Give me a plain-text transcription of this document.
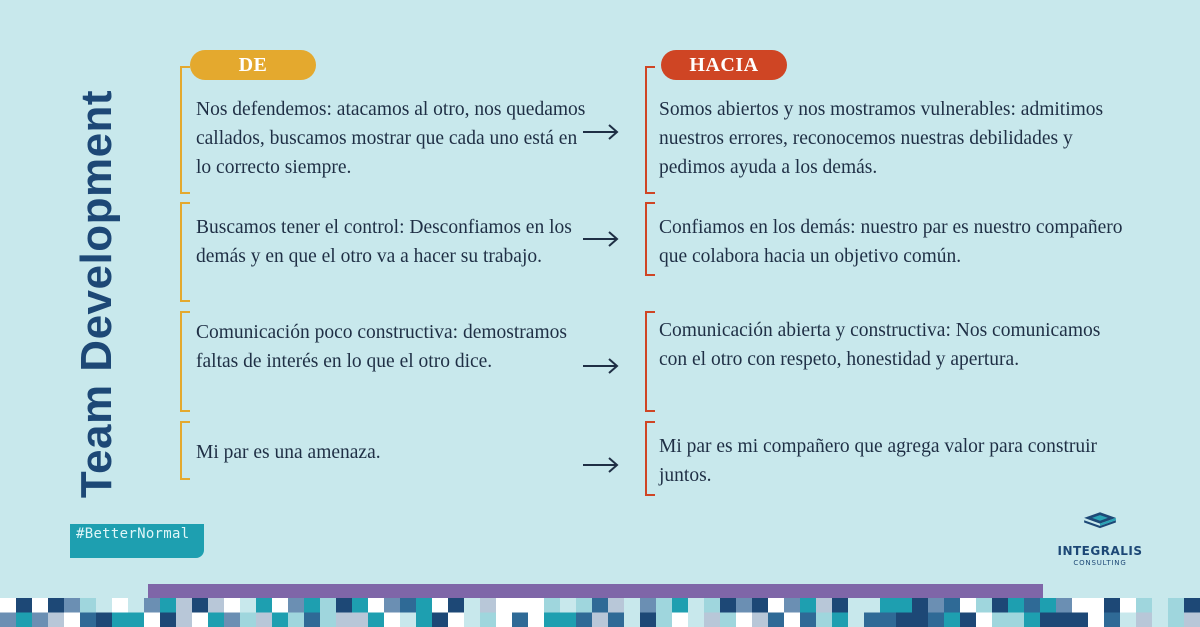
Team Development
DE	HACIA
Nos defendemos: atacamos al otro, nos quedamos callados, buscamos mostrar que cada uno está en lo correcto siempre.
Buscamos tener el control: Desconfiamos en los demás y en que el otro va a hacer su trabajo.
Comunicación poco constructiva: demostramos faltas de interés en lo que el otro dice.
Mi par es una amenaza.
Somos abiertos y nos mostramos vulnerables: admitimos nuestros errores, reconocemos nuestras debilidades y pedimos ayuda a los demás.
Confiamos en los demás: nuestro par es nuestro compañero que colabora hacia un objetivo común.
Comunicación abierta y constructiva: Nos comunicamos con el otro con respeto, honestidad y apertura.
Mi par es mi compañero que agrega valor para construir juntos.
#BetterNormal
INTEGRALIS
CONSULTING
